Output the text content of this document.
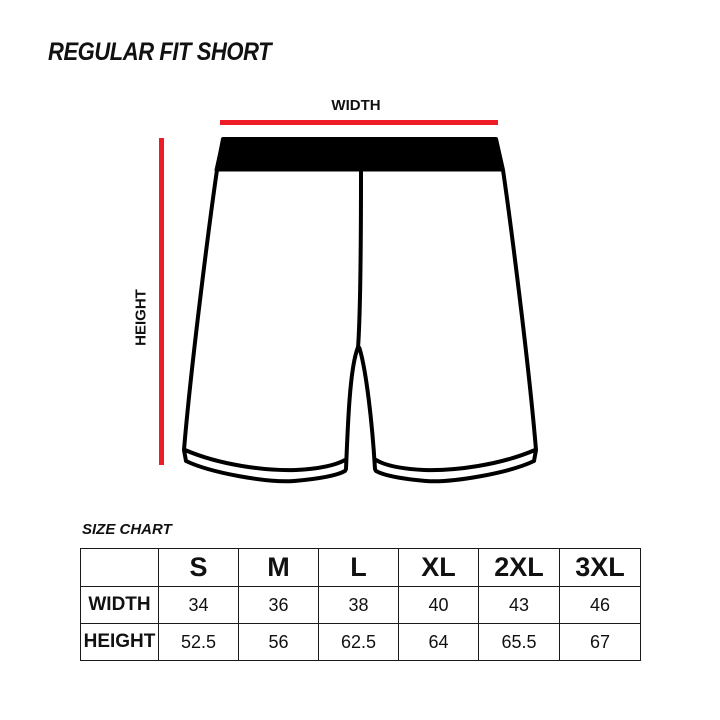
REGULAR FIT SHORT
WIDTH
HEIGHT
SIZE CHART
	S	M	L	XL	2XL	3XL
WIDTH	34	36	38	40	43	46
HEIGHT	52.5	56	62.5	64	65.5	67
